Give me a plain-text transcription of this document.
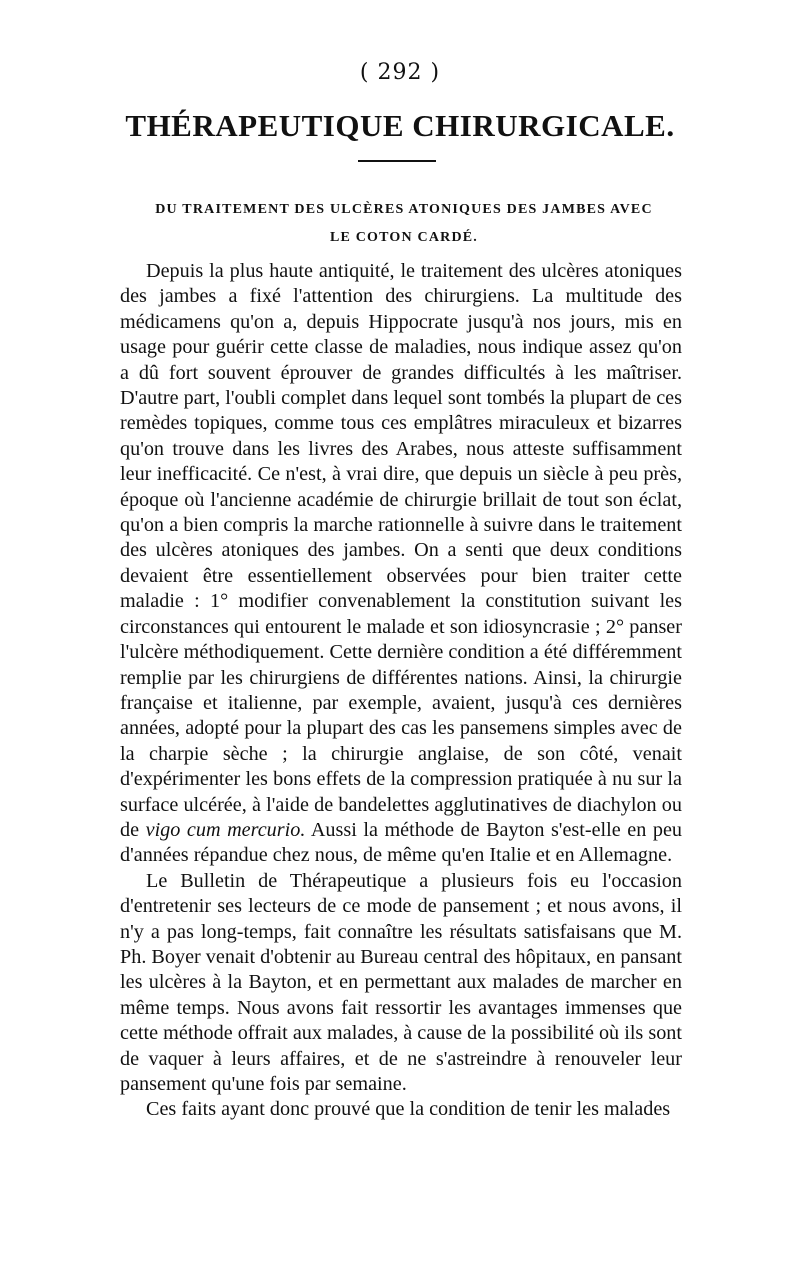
( 292 )
THÉRAPEUTIQUE CHIRURGICALE.
DU TRAITEMENT DES ULCÈRES ATONIQUES DES JAMBES AVEC
LE COTON CARDÉ.

Depuis la plus haute antiquité, le traitement des ulcères atoniques des jambes a fixé l'attention des chirurgiens. La multitude des médicamens qu'on a, depuis Hippocrate jusqu'à nos jours, mis en usage pour guérir cette classe de maladies, nous indique assez qu'on a dû fort souvent éprouver de grandes difficultés à les maîtriser. D'autre part, l'oubli complet dans lequel sont tombés la plupart de ces remèdes topiques, comme tous ces emplâtres miraculeux et bizarres qu'on trouve dans les livres des Arabes, nous atteste suffisamment leur inefficacité. Ce n'est, à vrai dire, que depuis un siècle à peu près, époque où l'ancienne académie de chirurgie brillait de tout son éclat, qu'on a bien compris la marche rationnelle à suivre dans le traitement des ulcères atoniques des jambes. On a senti que deux conditions devaient être essentiellement observées pour bien traiter cette maladie : 1° modifier convenablement la constitution suivant les circonstances qui entourent le malade et son idiosyncrasie ; 2° panser l'ulcère méthodiquement. Cette dernière condition a été différemment remplie par les chirurgiens de différentes nations. Ainsi, la chirurgie française et italienne, par exemple, avaient, jusqu'à ces dernières années, adopté pour la plupart des cas les pansemens simples avec de la charpie sèche ; la chirurgie anglaise, de son côté, venait d'expérimenter les bons effets de la compression pratiquée à nu sur la surface ulcérée, à l'aide de bandelettes agglutinatives de diachylon ou de vigo cum mercurio. Aussi la méthode de Bayton s'est-elle en peu d'années répandue chez nous, de même qu'en Italie et en Allemagne.

Le Bulletin de Thérapeutique a plusieurs fois eu l'occasion d'entretenir ses lecteurs de ce mode de pansement ; et nous avons, il n'y a pas long-temps, fait connaître les résultats satisfaisans que M. Ph. Boyer venait d'obtenir au Bureau central des hôpitaux, en pansant les ulcères à la Bayton, et en permettant aux malades de marcher en même temps. Nous avons fait ressortir les avantages immenses que cette méthode offrait aux malades, à cause de la possibilité où ils sont de vaquer à leurs affaires, et de ne s'astreindre à renouveler leur pansement qu'une fois par semaine.

Ces faits ayant donc prouvé que la condition de tenir les malades
